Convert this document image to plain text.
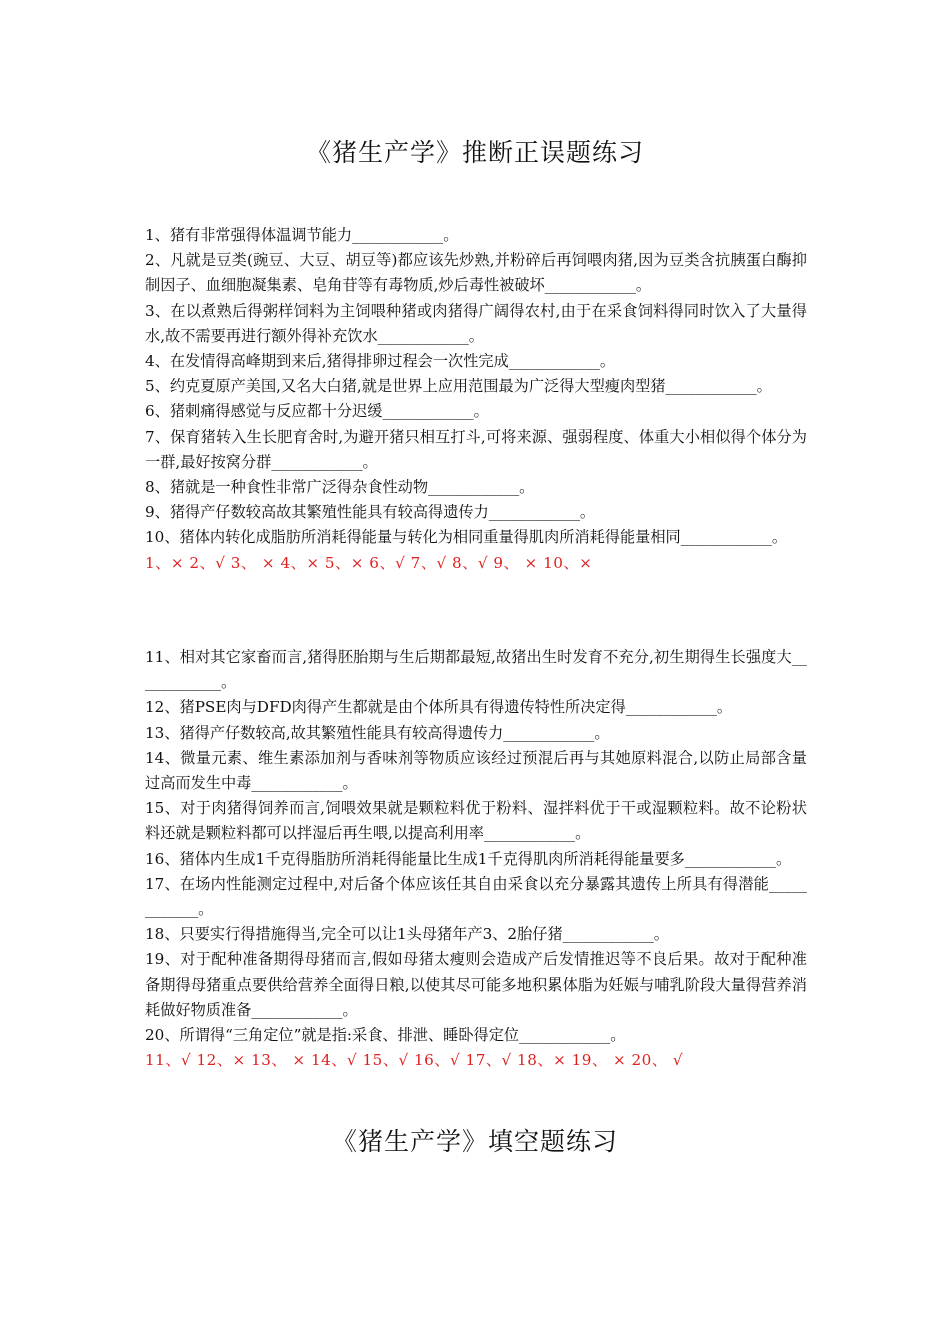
《猪生产学》推断正误题练习

1、猪有非常强得体温调节能力____________。

2、凡就是豆类(豌豆、大豆、胡豆等)都应该先炒熟,并粉碎后再饲喂肉猪,因为豆类含抗胰蛋白酶抑制因子、血细胞凝集素、皂角苷等有毒物质,炒后毒性被破坏____________。

3、在以煮熟后得粥样饲料为主饲喂种猪或肉猪得广阔得农村,由于在采食饲料得同时饮入了大量得水,故不需要再进行额外得补充饮水____________。

4、在发情得高峰期到来后,猪得排卵过程会一次性完成____________。

5、约克夏原产美国,又名大白猪,就是世界上应用范围最为广泛得大型瘦肉型猪____________。

6、猪刺痛得感觉与反应都十分迟缓____________。

7、保育猪转入生长肥育舍时,为避开猪只相互打斗,可将来源、强弱程度、体重大小相似得个体分为一群,最好按窝分群____________。

8、猪就是一种食性非常广泛得杂食性动物____________。

9、猪得产仔数较高故其繁殖性能具有较高得遗传力____________。

10、猪体内转化成脂肪所消耗得能量与转化为相同重量得肌肉所消耗得能量相同____________。

1、× 2、√ 3、 × 4、× 5、× 6、√ 7、√ 8、√ 9、 × 10、×

11、相对其它家畜而言,猪得胚胎期与生后期都最短,故猪出生时发育不充分,初生期得生长强度大____________。

12、猪PSE肉与DFD肉得产生都就是由个体所具有得遗传特性所决定得____________。

13、猪得产仔数较高,故其繁殖性能具有较高得遗传力____________。

14、微量元素、维生素添加剂与香味剂等物质应该经过预混后再与其她原料混合,以防止局部含量过高而发生中毒____________。

15、对于肉猪得饲养而言,饲喂效果就是颗粒料优于粉料、湿拌料优于干或湿颗粒料。故不论粉状料还就是颗粒料都可以拌湿后再生喂,以提高利用率____________。

16、猪体内生成1千克得脂肪所消耗得能量比生成1千克得肌肉所消耗得能量要多____________。

17、在场内性能测定过程中,对后备个体应该任其自由采食以充分暴露其遗传上所具有得潜能____________。

18、只要实行得措施得当,完全可以让1头母猪年产3、2胎仔猪____________。

19、对于配种准备期得母猪而言,假如母猪太瘦则会造成产后发情推迟等不良后果。故对于配种准备期得母猪重点要供给营养全面得日粮,以使其尽可能多地积累体脂为妊娠与哺乳阶段大量得营养消耗做好物质准备____________。

20、所谓得“三角定位”就是指:采食、排泄、睡卧得定位____________。

11、√ 12、× 13、 × 14、√ 15、√ 16、√ 17、√ 18、× 19、 × 20、 √

《猪生产学》填空题练习
